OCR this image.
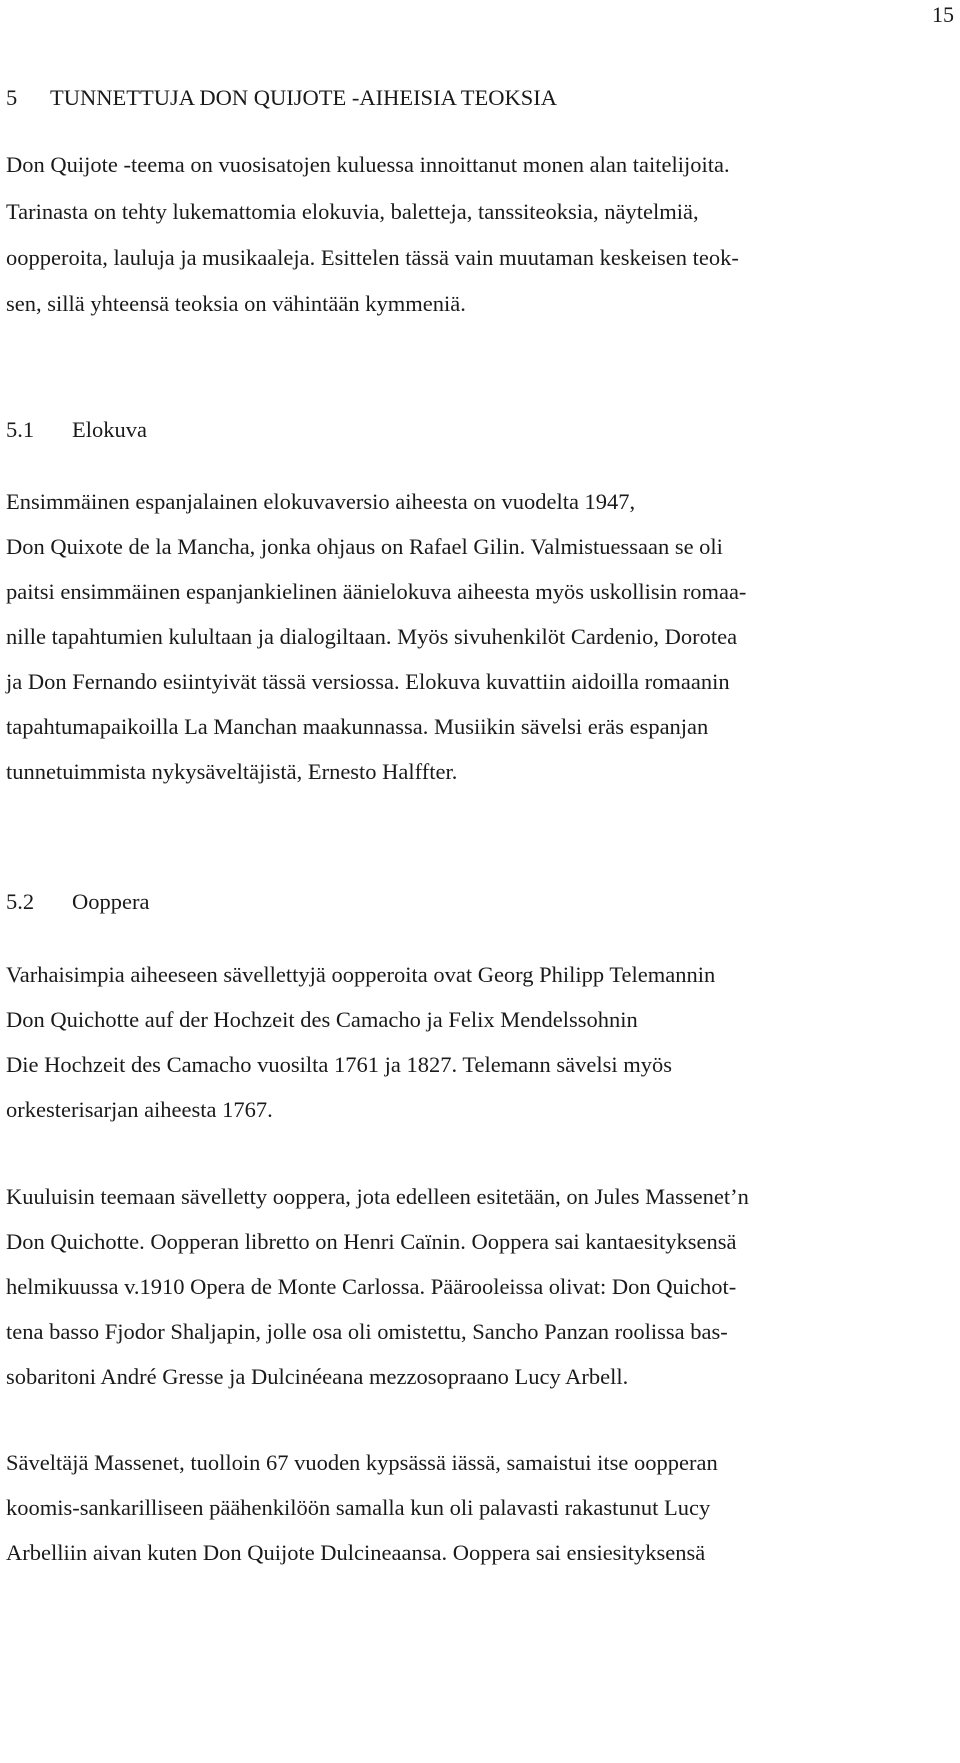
15
5 TUNNETTUJA DON QUIJOTE -AIHEISIA TEOKSIA
Don Quijote -teema on vuosisatojen kuluessa innoittanut monen alan taitelijoita.
Tarinasta on tehty lukemattomia elokuvia, baletteja, tanssiteoksia, näytelmiä,
oopperoita, lauluja ja musikaaleja. Esittelen tässä vain muutaman keskeisen teok-
sen, sillä yhteensä teoksia on vähintään kymmeniä.
5.1 Elokuva
Ensimmäinen espanjalainen elokuvaversio aiheesta on vuodelta 1947,
Don Quixote de la Mancha, jonka ohjaus on Rafael Gilin. Valmistuessaan se oli
paitsi ensimmäinen espanjankielinen äänielokuva aiheesta myös uskollisin romaa-
nille tapahtumien kulultaan ja dialogiltaan. Myös sivuhenkilöt Cardenio, Dorotea
ja Don Fernando esiintyivät tässä versiossa. Elokuva kuvattiin aidoilla romaanin
tapahtumapaikoilla La Manchan maakunnassa. Musiikin sävelsi eräs espanjan
tunnetuimmista nykysäveltäjistä, Ernesto Halffter.
5.2 Ooppera
Varhaisimpia aiheeseen sävellettyjä oopperoita ovat Georg Philipp Telemannin
Don Quichotte auf der Hochzeit des Camacho ja Felix Mendelssohnin
Die Hochzeit des Camacho vuosilta 1761 ja 1827. Telemann sävelsi myös
orkesterisarjan aiheesta 1767.
Kuuluisin teemaan sävelletty ooppera, jota edelleen esitetään, on Jules Massenet’n
Don Quichotte. Oopperan libretto on Henri Caïnin. Ooppera sai kantaesityksensä
helmikuussa v.1910 Opera de Monte Carlossa. Päärooleissa olivat: Don Quichot-
tena basso Fjodor Shaljapin, jolle osa oli omistettu, Sancho Panzan roolissa bas-
sobaritoni André Gresse ja Dulcinéeana mezzosopraano Lucy Arbell.
Säveltäjä Massenet, tuolloin 67 vuoden kypsässä iässä, samaistui itse oopperan
koomis-sankarilliseen päähenkilöön samalla kun oli palavasti rakastunut Lucy
Arbelliin aivan kuten Don Quijote Dulcineaansa. Ooppera sai ensiesityksensä
